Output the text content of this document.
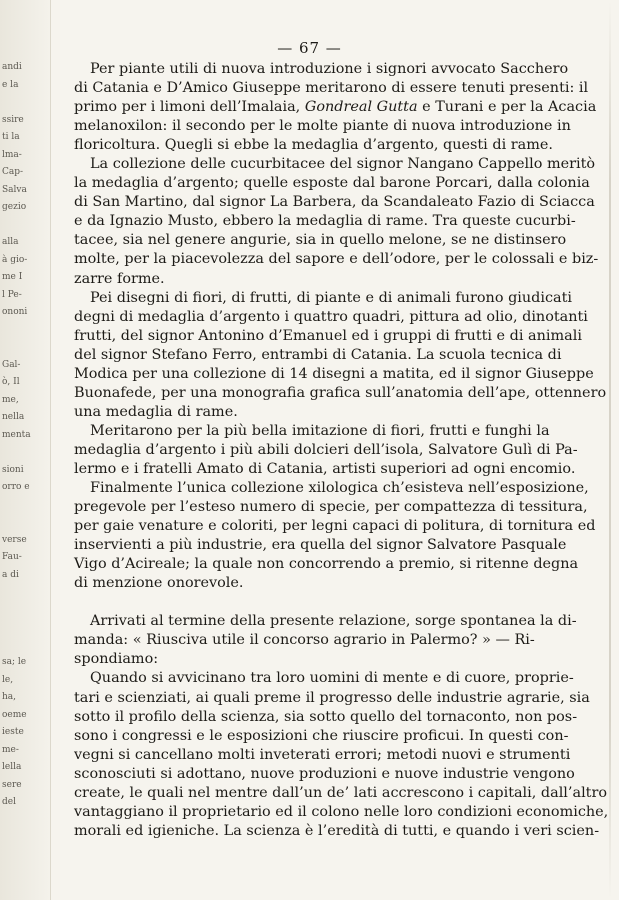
andi
e la
ssire
ti la
lma-
Cap-
Salva
gezio
alla
à gio-
me I
l Pe-
ononi
Gal-
ò, Il
me,
nella
menta
sioni
orro e
verse
Fau-
a di
sa; le
le,
ha,
oeme
ieste
me-
lella
sere
del
— 67 —
Per piante utili di nuova introduzione i signori avvocato Sacchero
di Catania e D’Amico Giuseppe meritarono di essere tenuti presenti: il
primo per i limoni dell’Imalaia, Gondreal Gutta e Turani e per la Acacia
melanoxilon: il secondo per le molte piante di nuova introduzione in
floricoltura. Quegli si ebbe la medaglia d’argento, questi di rame.
La collezione delle cucurbitacee del signor Nangano Cappello meritò
la medaglia d’argento; quelle esposte dal barone Porcari, dalla colonia
di San Martino, dal signor La Barbera, da Scandaleato Fazio di Sciacca
e da Ignazio Musto, ebbero la medaglia di rame. Tra queste cucurbi-
tacee, sia nel genere angurie, sia in quello melone, se ne distinsero
molte, per la piacevolezza del sapore e dell’odore, per le colossali e biz-
zarre forme.
Pei disegni di fiori, di frutti, di piante e di animali furono giudicati
degni di medaglia d’argento i quattro quadri, pittura ad olio, dinotanti
frutti, del signor Antonino d’Emanuel ed i gruppi di frutti e di animali
del signor Stefano Ferro, entrambi di Catania. La scuola tecnica di
Modica per una collezione di 14 disegni a matita, ed il signor Giuseppe
Buonafede, per una monografia grafica sull’anatomia dell’ape, ottennero
una medaglia di rame.
Meritarono per la più bella imitazione di fiori, frutti e funghi la
medaglia d’argento i più abili dolcieri dell’isola, Salvatore Gulì di Pa-
lermo e i fratelli Amato di Catania, artisti superiori ad ogni encomio.
Finalmente l’unica collezione xilologica ch’esisteva nell’esposizione,
pregevole per l’esteso numero di specie, per compattezza di tessitura,
per gaie venature e coloriti, per legni capaci di politura, di tornitura ed
inservienti a più industrie, era quella del signor Salvatore Pasquale
Vigo d’Acireale; la quale non concorrendo a premio, si ritenne degna
di menzione onorevole.
Arrivati al termine della presente relazione, sorge spontanea la di-
manda: « Riusciva utile il concorso agrario in Palermo? » — Ri-
spondiamo:
Quando si avvicinano tra loro uomini di mente e di cuore, proprie-
tari e scienziati, ai quali preme il progresso delle industrie agrarie, sia
sotto il profilo della scienza, sia sotto quello del tornaconto, non pos-
sono i congressi e le esposizioni che riuscire proficui. In questi con-
vegni si cancellano molti inveterati errori; metodi nuovi e strumenti
sconosciuti si adottano, nuove produzioni e nuove industrie vengono
create, le quali nel mentre dall’un de’ lati accrescono i capitali, dall’altro
vantaggiano il proprietario ed il colono nelle loro condizioni economiche,
morali ed igieniche. La scienza è l’eredità di tutti, e quando i veri scien-
